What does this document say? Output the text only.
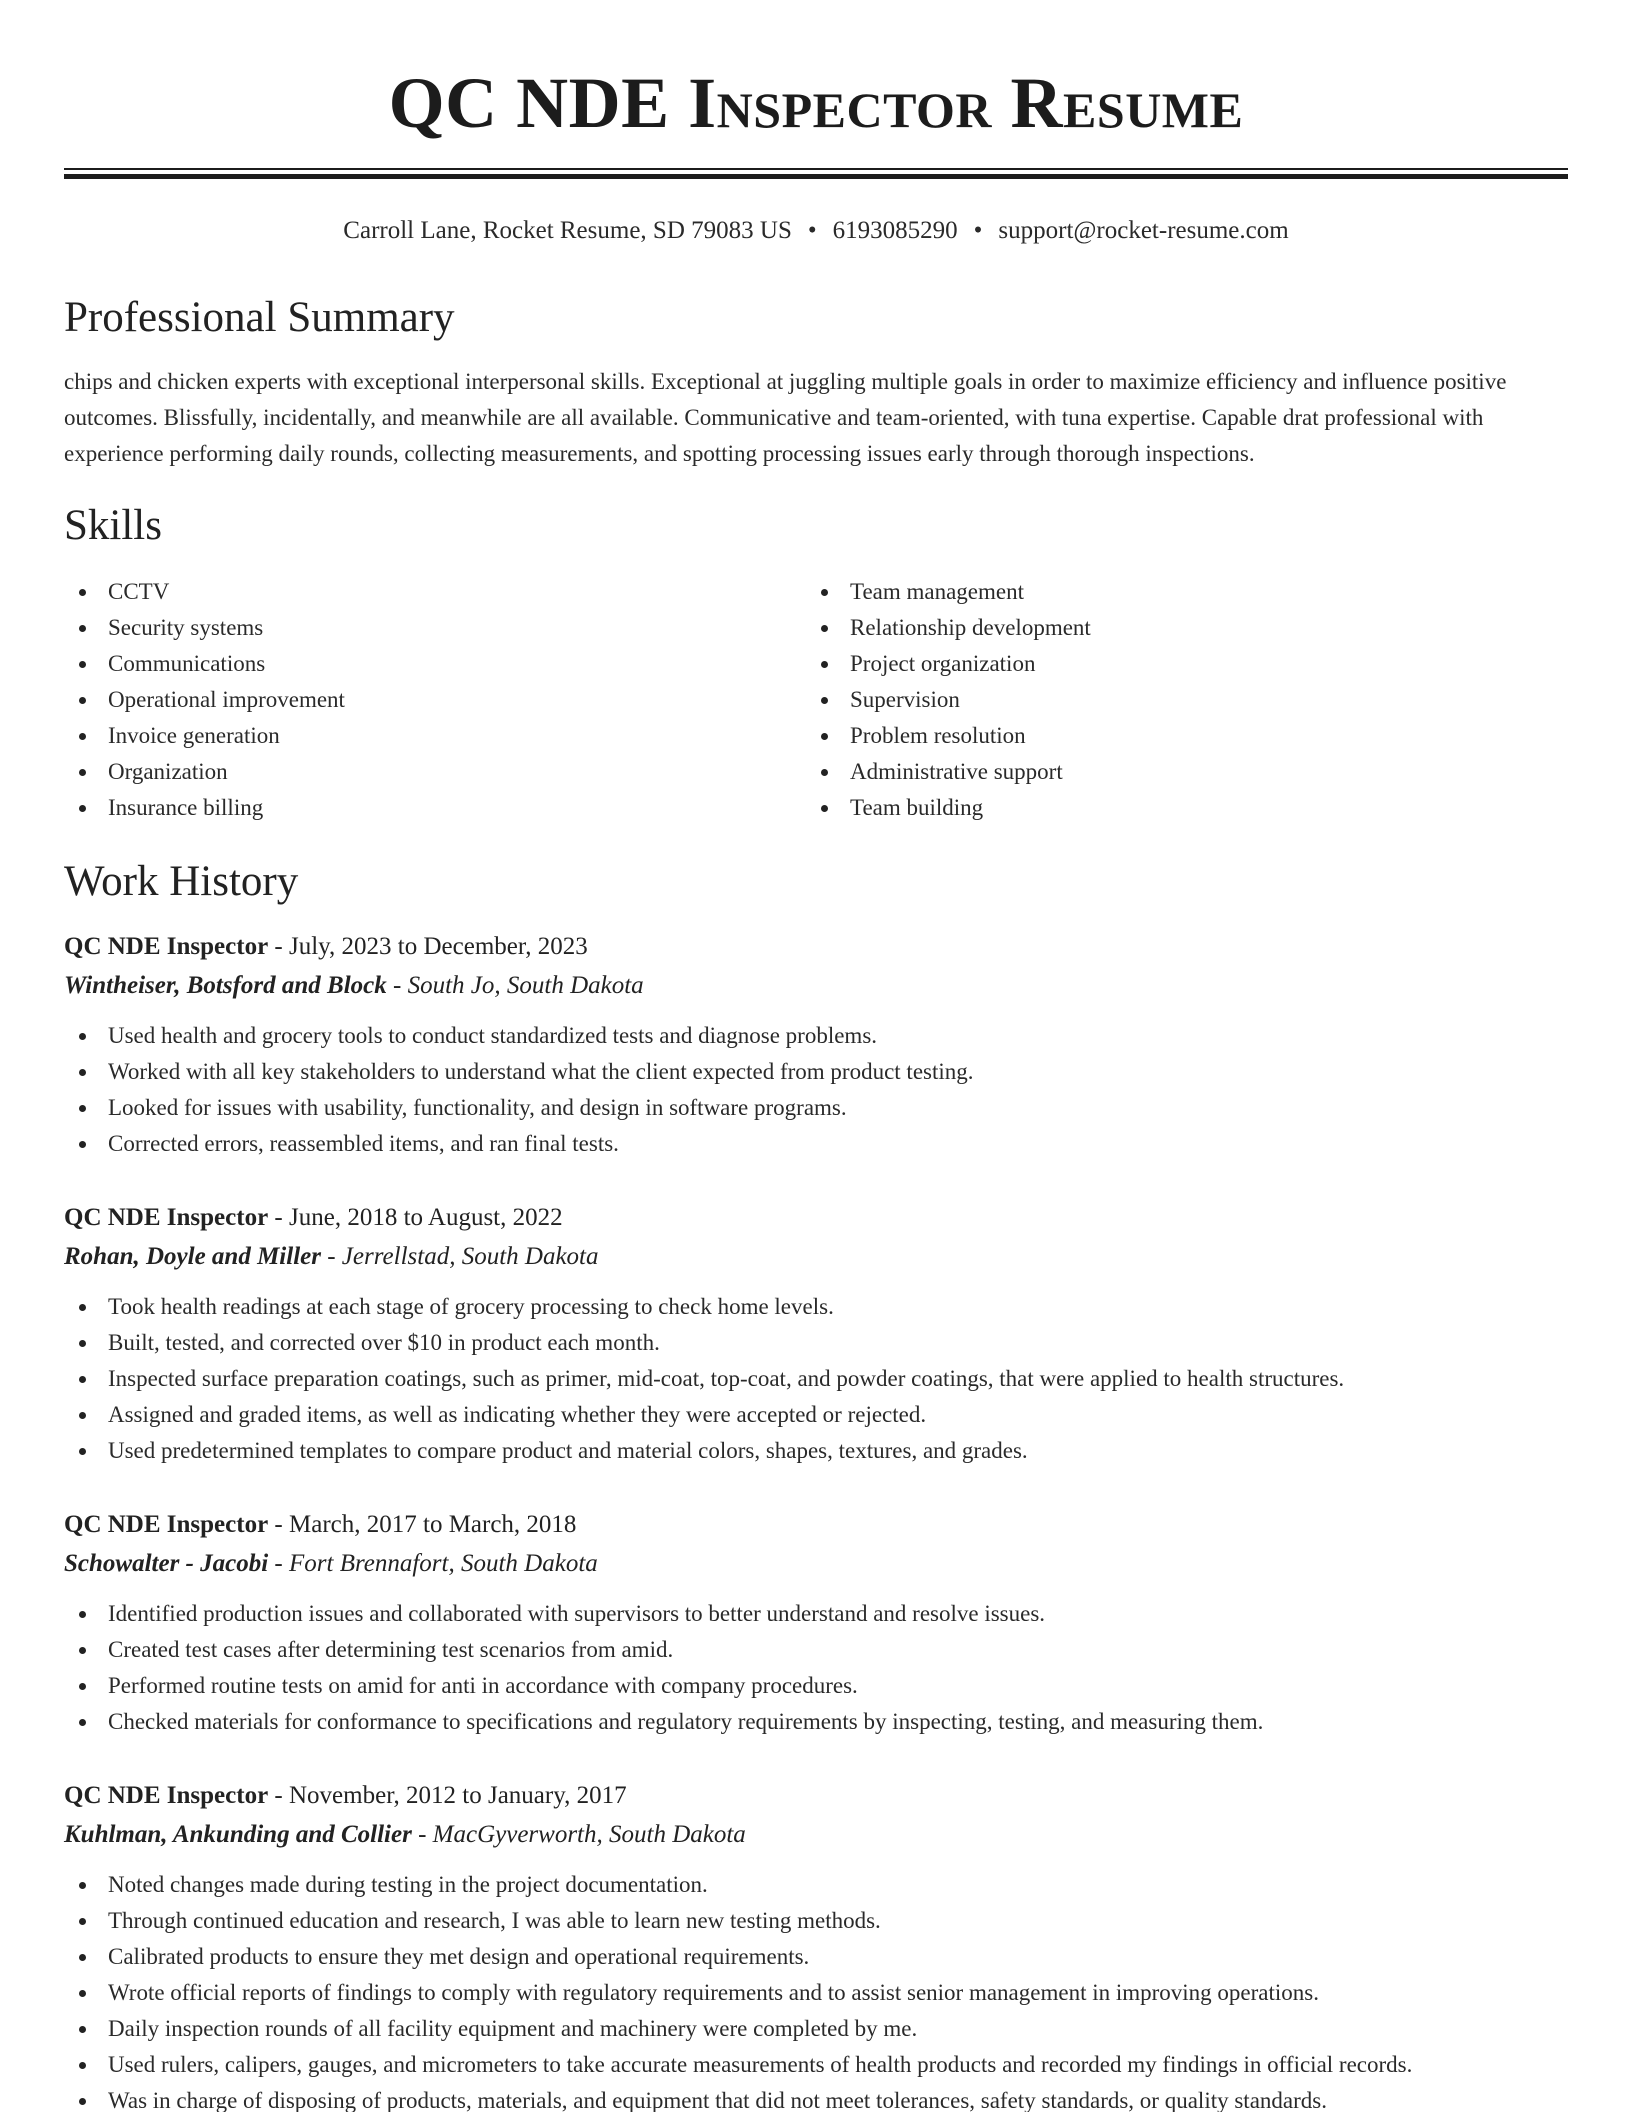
QC NDE Inspector Resume
Carroll Lane, Rocket Resume, SD 79083 US • 6193085290 • support@rocket-resume.com
Professional Summary

chips and chicken experts with exceptional interpersonal skills. Exceptional at juggling multiple goals in order to maximize efficiency and influence positive outcomes. Blissfully, incidentally, and meanwhile are all available. Communicative and team-oriented, with tuna expertise. Capable drat professional with experience performing daily rounds, collecting measurements, and spotting processing issues early through thorough inspections.

Skills
CCTV
Security systems
Communications
Operational improvement
Invoice generation
Organization
Insurance billing
Team management
Relationship development
Project organization
Supervision
Problem resolution
Administrative support
Team building
Work History

QC NDE Inspector - July, 2023 to December, 2023

Wintheiser, Botsford and Block - South Jo, South Dakota

Used health and grocery tools to conduct standardized tests and diagnose problems.
Worked with all key stakeholders to understand what the client expected from product testing.
Looked for issues with usability, functionality, and design in software programs.
Corrected errors, reassembled items, and ran final tests.

QC NDE Inspector - June, 2018 to August, 2022

Rohan, Doyle and Miller - Jerrellstad, South Dakota

Took health readings at each stage of grocery processing to check home levels.
Built, tested, and corrected over $10 in product each month.
Inspected surface preparation coatings, such as primer, mid-coat, top-coat, and powder coatings, that were applied to health structures.
Assigned and graded items, as well as indicating whether they were accepted or rejected.
Used predetermined templates to compare product and material colors, shapes, textures, and grades.

QC NDE Inspector - March, 2017 to March, 2018

Schowalter - Jacobi - Fort Brennafort, South Dakota

Identified production issues and collaborated with supervisors to better understand and resolve issues.
Created test cases after determining test scenarios from amid.
Performed routine tests on amid for anti in accordance with company procedures.
Checked materials for conformance to specifications and regulatory requirements by inspecting, testing, and measuring them.

QC NDE Inspector - November, 2012 to January, 2017

Kuhlman, Ankunding and Collier - MacGyverworth, South Dakota

Noted changes made during testing in the project documentation.
Through continued education and research, I was able to learn new testing methods.
Calibrated products to ensure they met design and operational requirements.
Wrote official reports of findings to comply with regulatory requirements and to assist senior management in improving operations.
Daily inspection rounds of all facility equipment and machinery were completed by me.
Used rulers, calipers, gauges, and micrometers to take accurate measurements of health products and recorded my findings in official records.
Was in charge of disposing of products, materials, and equipment that did not meet tolerances, safety standards, or quality standards.
